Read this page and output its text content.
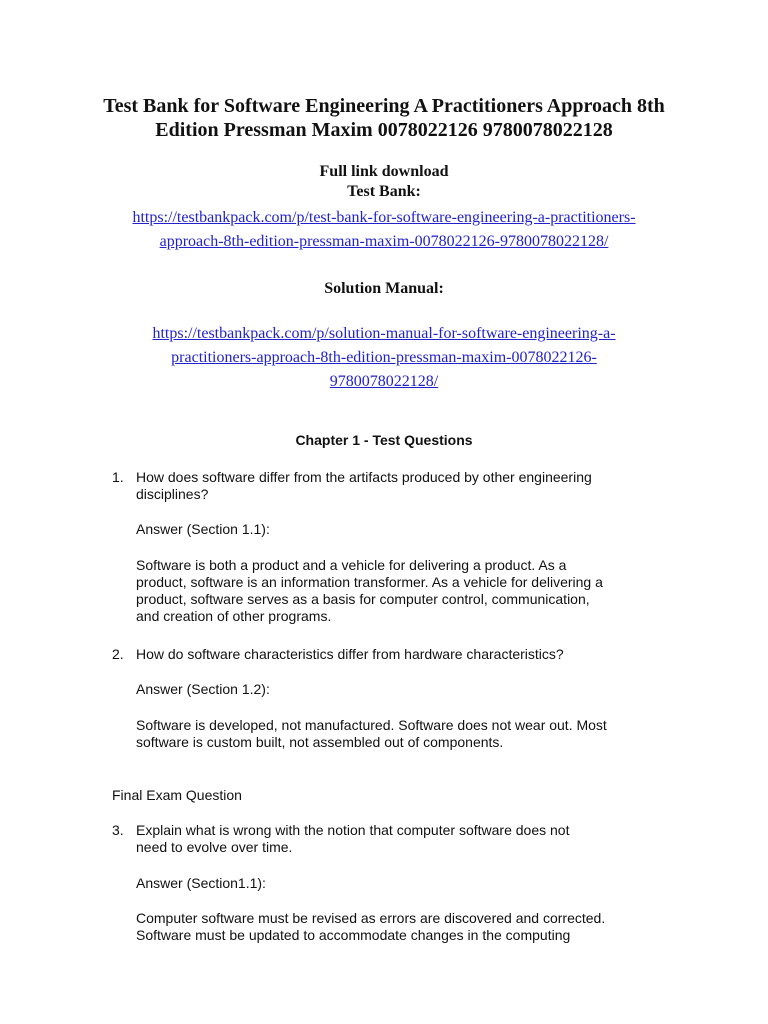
Test Bank for Software Engineering A Practitioners Approach 8th
Edition Pressman Maxim 0078022126 9780078022128
Full link download
Test Bank:
https://testbankpack.com/p/test-bank-for-software-engineering-a-practitioners-
approach-8th-edition-pressman-maxim-0078022126-9780078022128/
Solution Manual:
https://testbankpack.com/p/solution-manual-for-software-engineering-a-
practitioners-approach-8th-edition-pressman-maxim-0078022126-
9780078022128/
Chapter 1 - Test Questions
1. How does software differ from the artifacts produced by other engineering
disciplines?
Answer (Section 1.1):
Software is both a product and a vehicle for delivering a product. As a
product, software is an information transformer. As a vehicle for delivering a
product, software serves as a basis for computer control, communication,
and creation of other programs.
2. How do software characteristics differ from hardware characteristics?
Answer (Section 1.2):
Software is developed, not manufactured. Software does not wear out. Most
software is custom built, not assembled out of components.
Final Exam Question
3. Explain what is wrong with the notion that computer software does not
need to evolve over time.
Answer (Section1.1):
Computer software must be revised as errors are discovered and corrected.
Software must be updated to accommodate changes in the computing
